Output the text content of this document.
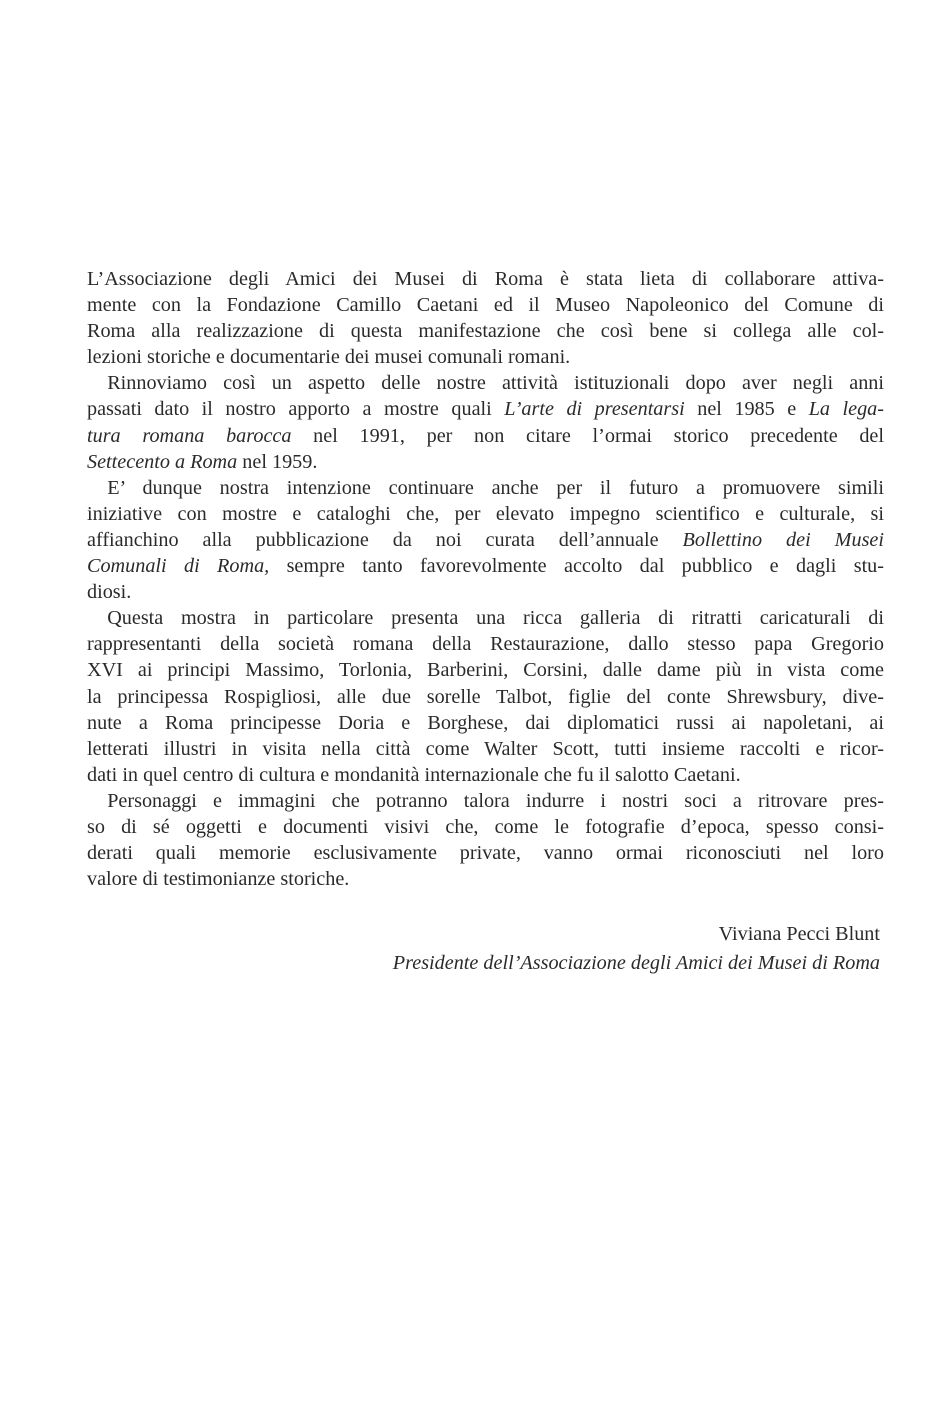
L’Associazione degli Amici dei Musei di Roma è stata lieta di collaborare attiva-
mente con la Fondazione Camillo Caetani ed il Museo Napoleonico del Comune di
Roma alla realizzazione di questa manifestazione che così bene si collega alle col-
lezioni storiche e documentarie dei musei comunali romani.

 Rinnoviamo così un aspetto delle nostre attività istituzionali dopo aver negli anni
passati dato il nostro apporto a mostre quali L’arte di presentarsi nel 1985 e La lega-
tura romana barocca nel 1991, per non citare l’ormai storico precedente del
Settecento a Roma nel 1959.

 E’ dunque nostra intenzione continuare anche per il futuro a promuovere simili
iniziative con mostre e cataloghi che, per elevato impegno scientifico e culturale, si
affianchino alla pubblicazione da noi curata dell’annuale Bollettino dei Musei
Comunali di Roma, sempre tanto favorevolmente accolto dal pubblico e dagli stu-
diosi.

 Questa mostra in particolare presenta una ricca galleria di ritratti caricaturali di
rappresentanti della società romana della Restaurazione, dallo stesso papa Gregorio
XVI ai principi Massimo, Torlonia, Barberini, Corsini, dalle dame più in vista come
la principessa Rospigliosi, alle due sorelle Talbot, figlie del conte Shrewsbury, dive-
nute a Roma principesse Doria e Borghese, dai diplomatici russi ai napoletani, ai
letterati illustri in visita nella città come Walter Scott, tutti insieme raccolti e ricor-
dati in quel centro di cultura e mondanità internazionale che fu il salotto Caetani.

 Personaggi e immagini che potranno talora indurre i nostri soci a ritrovare pres-
so di sé oggetti e documenti visivi che, come le fotografie d’epoca, spesso consi-
derati quali memorie esclusivamente private, vanno ormai riconosciuti nel loro
valore di testimonianze storiche.

Viviana Pecci Blunt
Presidente dell’Associazione degli Amici dei Musei di Roma
